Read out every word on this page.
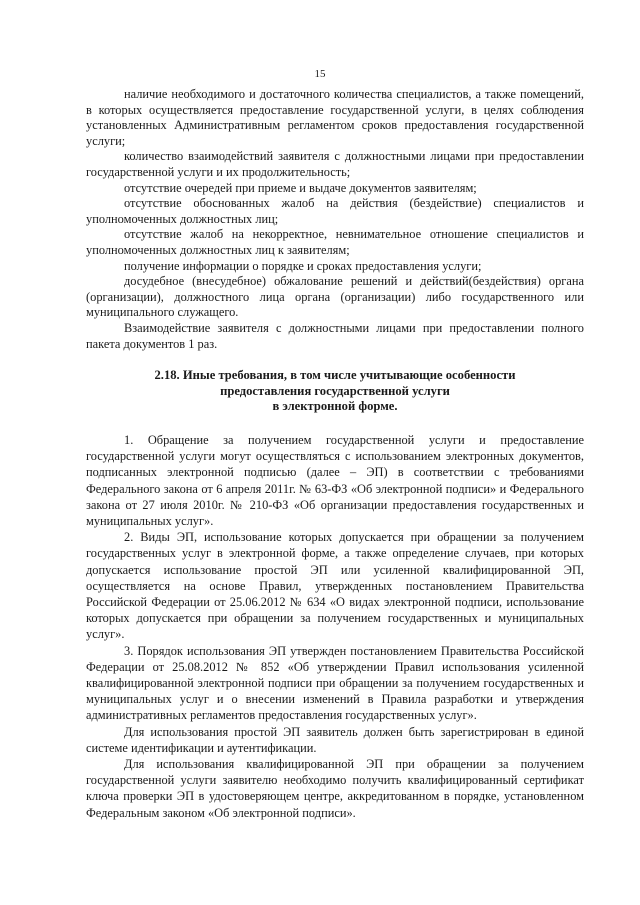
15

наличие необходимого и достаточного количества специалистов, а также помещений, в которых осуществляется предоставление государственной услуги, в целях соблюдения установленных Административным регламентом сроков предоставления государственной услуги;

количество взаимодействий заявителя с должностными лицами при предоставлении государственной услуги и их продолжительность;

отсутствие очередей при приеме и выдаче документов заявителям;

отсутствие обоснованных жалоб на действия (бездействие) специалистов и уполномоченных должностных лиц;

отсутствие жалоб на некорректное, невнимательное отношение специалистов и уполномоченных должностных лиц к заявителям;

получение информации о порядке и сроках предоставления услуги;

досудебное (внесудебное) обжалование решений и действий(бездействия) органа (организации), должностного лица органа (организации) либо государственного или муниципального служащего.

Взаимодействие заявителя с должностными лицами при предоставлении полного пакета документов 1 раз.

2.18. Иные требования, в том числе учитывающие особенности
предоставления государственной услуги
в электронной форме.

1. Обращение за получением государственной услуги и предоставление государственной услуги могут осуществляться с использованием электронных документов, подписанных электронной подписью (далее – ЭП) в соответствии с требованиями Федерального закона от 6 апреля 2011г. № 63-ФЗ «Об электронной подписи» и Федерального закона от 27 июля 2010г. № 210-ФЗ «Об организации предоставления государственных и муниципальных услуг».

2. Виды ЭП, использование которых допускается при обращении за получением государственных услуг в электронной форме, а также определение случаев, при которых допускается использование простой ЭП или усиленной квалифицированной ЭП, осуществляется на основе Правил, утвержденных постановлением Правительства Российской Федерации от 25.06.2012 № 634 «О видах электронной подписи, использование которых допускается при обращении за получением государственных и муниципальных услуг».

3. Порядок использования ЭП утвержден постановлением Правительства Российской Федерации от 25.08.2012 № 852 «Об утверждении Правил использования усиленной квалифицированной электронной подписи при обращении за получением государственных и муниципальных услуг и о внесении изменений в Правила разработки и утверждения административных регламентов предоставления государственных услуг».

Для использования простой ЭП заявитель должен быть зарегистрирован в единой системе идентификации и аутентификации.

Для использования квалифицированной ЭП при обращении за получением государственной услуги заявителю необходимо получить квалифицированный сертификат ключа проверки ЭП в удостоверяющем центре, аккредитованном в порядке, установленном Федеральным законом «Об электронной подписи».
